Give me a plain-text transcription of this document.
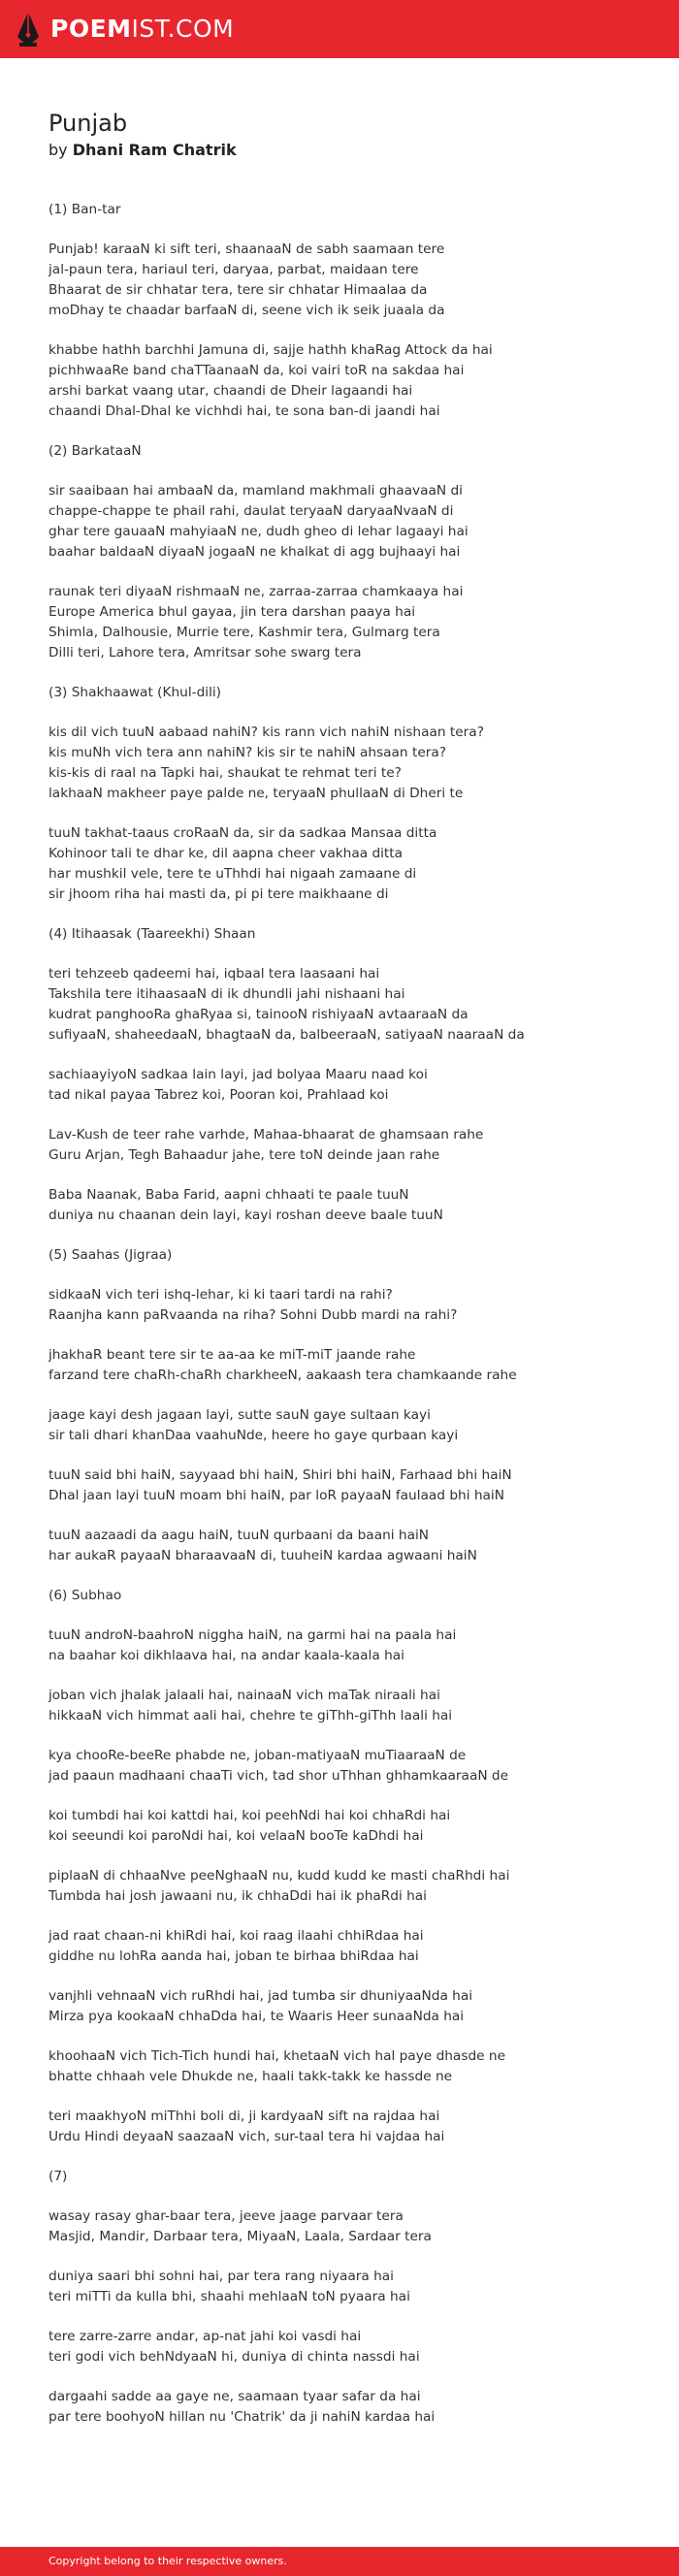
POEMIST.COM
Punjab
by Dhani Ram Chatrik
(1) Ban-tar
Punjab! karaaN ki sift teri, shaanaaN de sabh saamaan tere
jal-paun tera, hariaul teri, daryaa, parbat, maidaan tere
Bhaarat de sir chhatar tera, tere sir chhatar Himaalaa da
moDhay te chaadar barfaaN di, seene vich ik seik juaala da
khabbe hathh barchhi Jamuna di, sajje hathh khaRag Attock da hai
pichhwaaRe band chaTTaanaaN da, koi vairi toR na sakdaa hai
arshi barkat vaang utar, chaandi de Dheir lagaandi hai
chaandi Dhal-Dhal ke vichhdi hai, te sona ban-di jaandi hai
(2) BarkataaN
sir saaibaan hai ambaaN da, mamland makhmali ghaavaaN di
chappe-chappe te phail rahi, daulat teryaaN daryaaNvaaN di
ghar tere gauaaN mahyiaaN ne, dudh gheo di lehar lagaayi hai
baahar baldaaN diyaaN jogaaN ne khalkat di agg bujhaayi hai
raunak teri diyaaN rishmaaN ne, zarraa-zarraa chamkaaya hai
Europe America bhul gayaa, jin tera darshan paaya hai
Shimla, Dalhousie, Murrie tere, Kashmir tera, Gulmarg tera
Dilli teri, Lahore tera, Amritsar sohe swarg tera
(3) Shakhaawat (Khul-dili)
kis dil vich tuuN aabaad nahiN? kis rann vich nahiN nishaan tera?
kis muNh vich tera ann nahiN? kis sir te nahiN ahsaan tera?
kis-kis di raal na Tapki hai, shaukat te rehmat teri te?
lakhaaN makheer paye palde ne, teryaaN phullaaN di Dheri te
tuuN takhat-taaus croRaaN da, sir da sadkaa Mansaa ditta
Kohinoor tali te dhar ke, dil aapna cheer vakhaa ditta
har mushkil vele, tere te uThhdi hai nigaah zamaane di
sir jhoom riha hai masti da, pi pi tere maikhaane di
(4) Itihaasak (Taareekhi) Shaan
teri tehzeeb qadeemi hai, iqbaal tera laasaani hai
Takshila tere itihaasaaN di ik dhundli jahi nishaani hai
kudrat panghooRa ghaRyaa si, tainooN rishiyaaN avtaaraaN da
sufiyaaN, shaheedaaN, bhagtaaN da, balbeeraaN, satiyaaN naaraaN da
sachiaayiyoN sadkaa lain layi, jad bolyaa Maaru naad koi
tad nikal payaa Tabrez koi, Pooran koi, Prahlaad koi
Lav-Kush de teer rahe varhde, Mahaa-bhaarat de ghamsaan rahe
Guru Arjan, Tegh Bahaadur jahe, tere toN deinde jaan rahe
Baba Naanak, Baba Farid, aapni chhaati te paale tuuN
duniya nu chaanan dein layi, kayi roshan deeve baale tuuN
(5) Saahas (Jigraa)
sidkaaN vich teri ishq-lehar, ki ki taari tardi na rahi?
Raanjha kann paRvaanda na riha? Sohni Dubb mardi na rahi?
jhakhaR beant tere sir te aa-aa ke miT-miT jaande rahe
farzand tere chaRh-chaRh charkheeN, aakaash tera chamkaande rahe
jaage kayi desh jagaan layi, sutte sauN gaye sultaan kayi
sir tali dhari khanDaa vaahuNde, heere ho gaye qurbaan kayi
tuuN said bhi haiN, sayyaad bhi haiN, Shiri bhi haiN, Farhaad bhi haiN
Dhal jaan layi tuuN moam bhi haiN, par loR payaaN faulaad bhi haiN
tuuN aazaadi da aagu haiN, tuuN qurbaani da baani haiN
har aukaR payaaN bharaavaaN di, tuuheiN kardaa agwaani haiN
(6) Subhao
tuuN androN-baahroN niggha haiN, na garmi hai na paala hai
na baahar koi dikhlaava hai, na andar kaala-kaala hai
joban vich jhalak jalaali hai, nainaaN vich maTak niraali hai
hikkaaN vich himmat aali hai, chehre te giThh-giThh laali hai
kya chooRe-beeRe phabde ne, joban-matiyaaN muTiaaraaN de
jad paaun madhaani chaaTi vich, tad shor uThhan ghhamkaaraaN de
koi tumbdi hai koi kattdi hai, koi peehNdi hai koi chhaRdi hai
koi seeundi koi paroNdi hai, koi velaaN booTe kaDhdi hai
piplaaN di chhaaNve peeNghaaN nu, kudd kudd ke masti chaRhdi hai
Tumbda hai josh jawaani nu, ik chhaDdi hai ik phaRdi hai
jad raat chaan-ni khiRdi hai, koi raag ilaahi chhiRdaa hai
giddhe nu lohRa aanda hai, joban te birhaa bhiRdaa hai
vanjhli vehnaaN vich ruRhdi hai, jad tumba sir dhuniyaaNda hai
Mirza pya kookaaN chhaDda hai, te Waaris Heer sunaaNda hai
khoohaaN vich Tich-Tich hundi hai, khetaaN vich hal paye dhasde ne
bhatte chhaah vele Dhukde ne, haali takk-takk ke hassde ne
teri maakhyoN miThhi boli di, ji kardyaaN sift na rajdaa hai
Urdu Hindi deyaaN saazaaN vich, sur-taal tera hi vajdaa hai
(7)
wasay rasay ghar-baar tera, jeeve jaage parvaar tera
Masjid, Mandir, Darbaar tera, MiyaaN, Laala, Sardaar tera
duniya saari bhi sohni hai, par tera rang niyaara hai
teri miTTi da kulla bhi, shaahi mehlaaN toN pyaara hai
tere zarre-zarre andar, ap-nat jahi koi vasdi hai
teri godi vich behNdyaaN hi, duniya di chinta nassdi hai
dargaahi sadde aa gaye ne, saamaan tyaar safar da hai
par tere boohyoN hillan nu 'Chatrik' da ji nahiN kardaa hai
Copyright belong to their respective owners.
